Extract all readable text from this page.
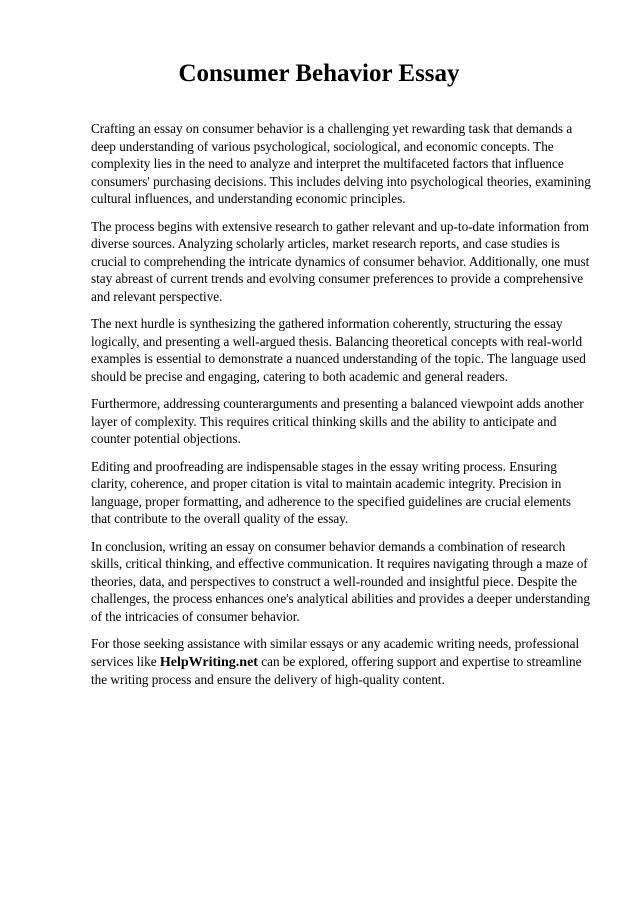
Consumer Behavior Essay

Crafting an essay on consumer behavior is a challenging yet rewarding task that demands a deep understanding of various psychological, sociological, and economic concepts. The complexity lies in the need to analyze and interpret the multifaceted factors that influence consumers' purchasing decisions. This includes delving into psychological theories, examining cultural influences, and understanding economic principles.

The process begins with extensive research to gather relevant and up-to-date information from diverse sources. Analyzing scholarly articles, market research reports, and case studies is crucial to comprehending the intricate dynamics of consumer behavior. Additionally, one must stay abreast of current trends and evolving consumer preferences to provide a comprehensive and relevant perspective.

The next hurdle is synthesizing the gathered information coherently, structuring the essay logically, and presenting a well-argued thesis. Balancing theoretical concepts with real-world examples is essential to demonstrate a nuanced understanding of the topic. The language used should be precise and engaging, catering to both academic and general readers.

Furthermore, addressing counterarguments and presenting a balanced viewpoint adds another layer of complexity. This requires critical thinking skills and the ability to anticipate and counter potential objections.

Editing and proofreading are indispensable stages in the essay writing process. Ensuring clarity, coherence, and proper citation is vital to maintain academic integrity. Precision in language, proper formatting, and adherence to the specified guidelines are crucial elements that contribute to the overall quality of the essay.

In conclusion, writing an essay on consumer behavior demands a combination of research skills, critical thinking, and effective communication. It requires navigating through a maze of theories, data, and perspectives to construct a well-rounded and insightful piece. Despite the challenges, the process enhances one's analytical abilities and provides a deeper understanding of the intricacies of consumer behavior.

For those seeking assistance with similar essays or any academic writing needs, professional services like HelpWriting.net can be explored, offering support and expertise to streamline the writing process and ensure the delivery of high-quality content.
